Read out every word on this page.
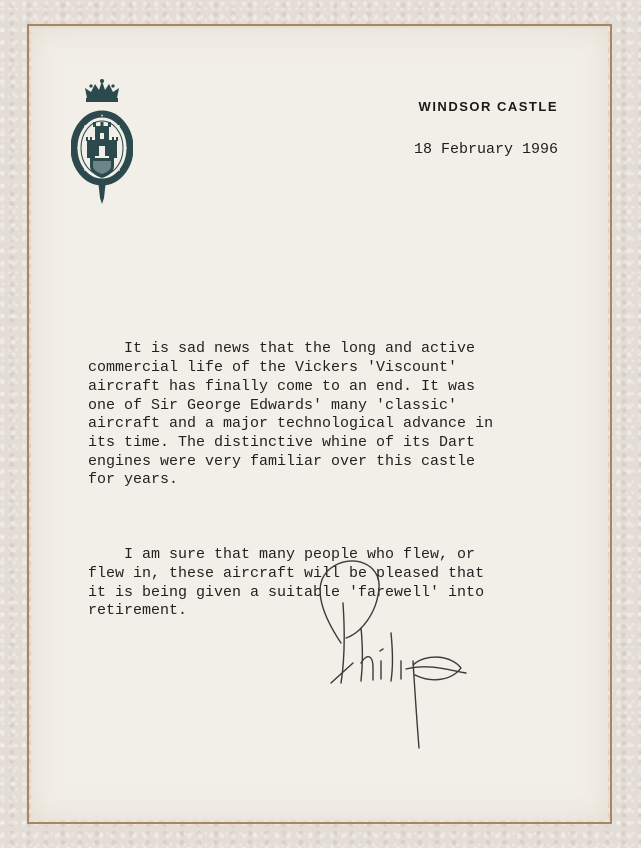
WINDSOR CASTLE
18 February 1996

It is sad news that the long and active
commercial life of the Vickers 'Viscount'
aircraft has finally come to an end. It was
one of Sir George Edwards' many 'classic'
aircraft and a major technological advance in
its time. The distinctive whine of its Dart
engines were very familiar over this castle
for years.

I am sure that many people who flew, or
flew in, these aircraft will be pleased that
it is being given a suitable 'farewell' into
retirement.
